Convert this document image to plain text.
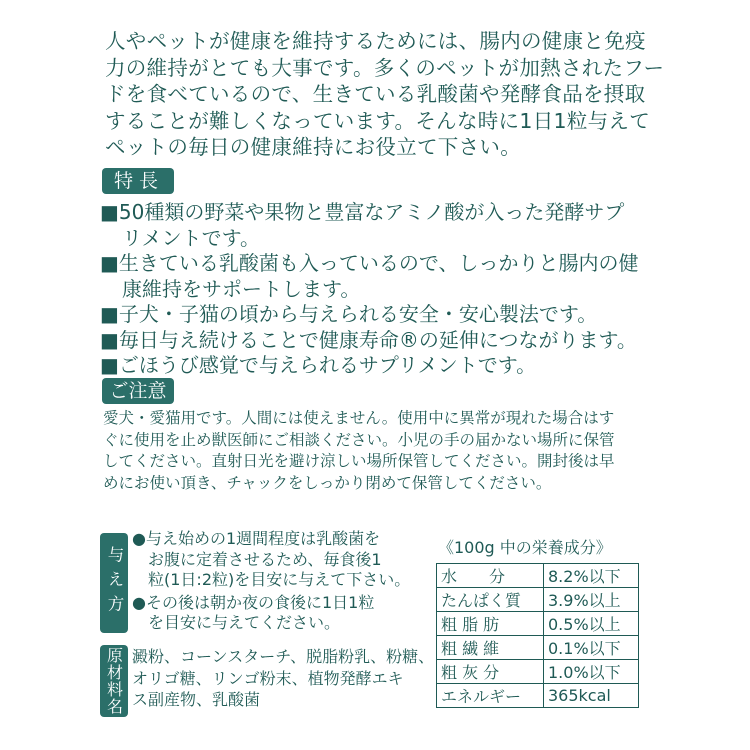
人やペットが健康を維持するためには、腸内の健康と免疫

力の維持がとても大事です。多くのペットが加熱されたフー

ドを食べているので、生きている乳酸菌や発酵食品を摂取

することが難しくなっています。そんな時に1日1粒与えて

ペットの毎日の健康維持にお役立て下さい。

特長
■50種類の野菜や果物と豊富なアミノ酸が入った発酵サプ
リメントです。
■生きている乳酸菌も入っているので、しっかりと腸内の健
康維持をサポートします。
■子犬・子猫の頃から与えられる安全・安心製法です。
■毎日与え続けることで健康寿命®の延伸につながります。
■ごほうび感覚で与えられるサプリメントです。
ご注意

愛犬・愛猫用です。人間には使えません。使用中に異常が現れた場合はす

ぐに使用を止め獣医師にご相談ください。小児の手の届かない場所に保管

してください。直射日光を避け涼しい場所保管してください。開封後は早

めにお使い頂き、チャックをしっかり閉めて保管してください。

与え方

●与え始めの1週間程度は乳酸菌を

　お腹に定着させるため、毎食後1

　粒(1日:2粒)を目安に与えて下さい。

●その後は朝か夜の食後に1日1粒

　を目安に与えてください。

原材料名 澱粉、コーンスターチ、脱脂粉乳、粉糖、

オリゴ糖、リンゴ粉末、植物発酵エキ

ス副産物、乳酸菌

《100g 中の栄養成分》
水　　分	8.2%以下
たんぱく質	3.9%以上
粗 脂 肪	0.5%以上
粗 繊 維	0.1%以下
粗 灰 分	1.0%以下
エネルギー	365kcal
